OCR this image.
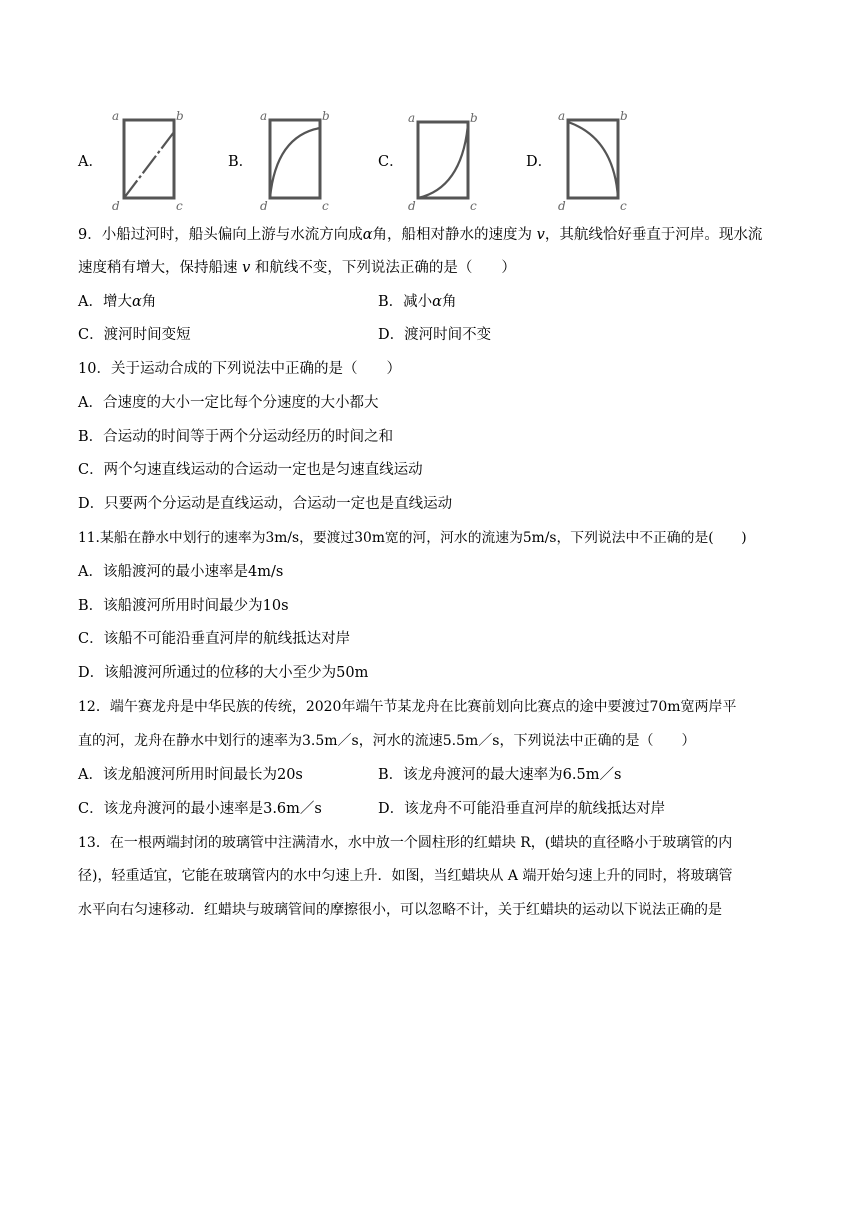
A．
a	b
c
d
B．
a	b
c
d
C．
a	b
c
d
D．
a	b
c
d
9．小船过河时，船头偏向上游与水流方向成α角，船相对静水的速度为 v，其航线恰好垂直于河岸。现水流
速度稍有增大，保持船速 v 和航线不变，下列说法正确的是（　　）
A．增大α角	B．减小α角
C．渡河时间变短	D．渡河时间不变
10．关于运动合成的下列说法中正确的是（　　）
A．合速度的大小一定比每个分速度的大小都大
B．合运动的时间等于两个分运动经历的时间之和
C．两个匀速直线运动的合运动一定也是匀速直线运动
D．只要两个分运动是直线运动，合运动一定也是直线运动
11.某船在静水中划行的速率为3m/s，要渡过30m宽的河，河水的流速为5m/s，下列说法中不正确的是(　　)
A．该船渡河的最小速率是4m/s
B．该船渡河所用时间最少为10s
C．该船不可能沿垂直河岸的航线抵达对岸
D．该船渡河所通过的位移的大小至少为50m
12．端午赛龙舟是中华民族的传统，2020年端午节某龙舟在比赛前划向比赛点的途中要渡过70m宽两岸平
直的河，龙舟在静水中划行的速率为3.5m／s，河水的流速5.5m／s，下列说法中正确的是（　　）
A．该龙船渡河所用时间最长为20s	B．该龙舟渡河的最大速率为6.5m／s
C．该龙舟渡河的最小速率是3.6m／s	D．该龙舟不可能沿垂直河岸的航线抵达对岸
13．在一根两端封闭的玻璃管中注满清水，水中放一个圆柱形的红蜡块 R，(蜡块的直径略小于玻璃管的内
径)，轻重适宜，它能在玻璃管内的水中匀速上升．如图，当红蜡块从 A 端开始匀速上升的同时，将玻璃管
水平向右匀速移动．红蜡块与玻璃管间的摩擦很小，可以忽略不计，关于红蜡块的运动以下说法正确的是
